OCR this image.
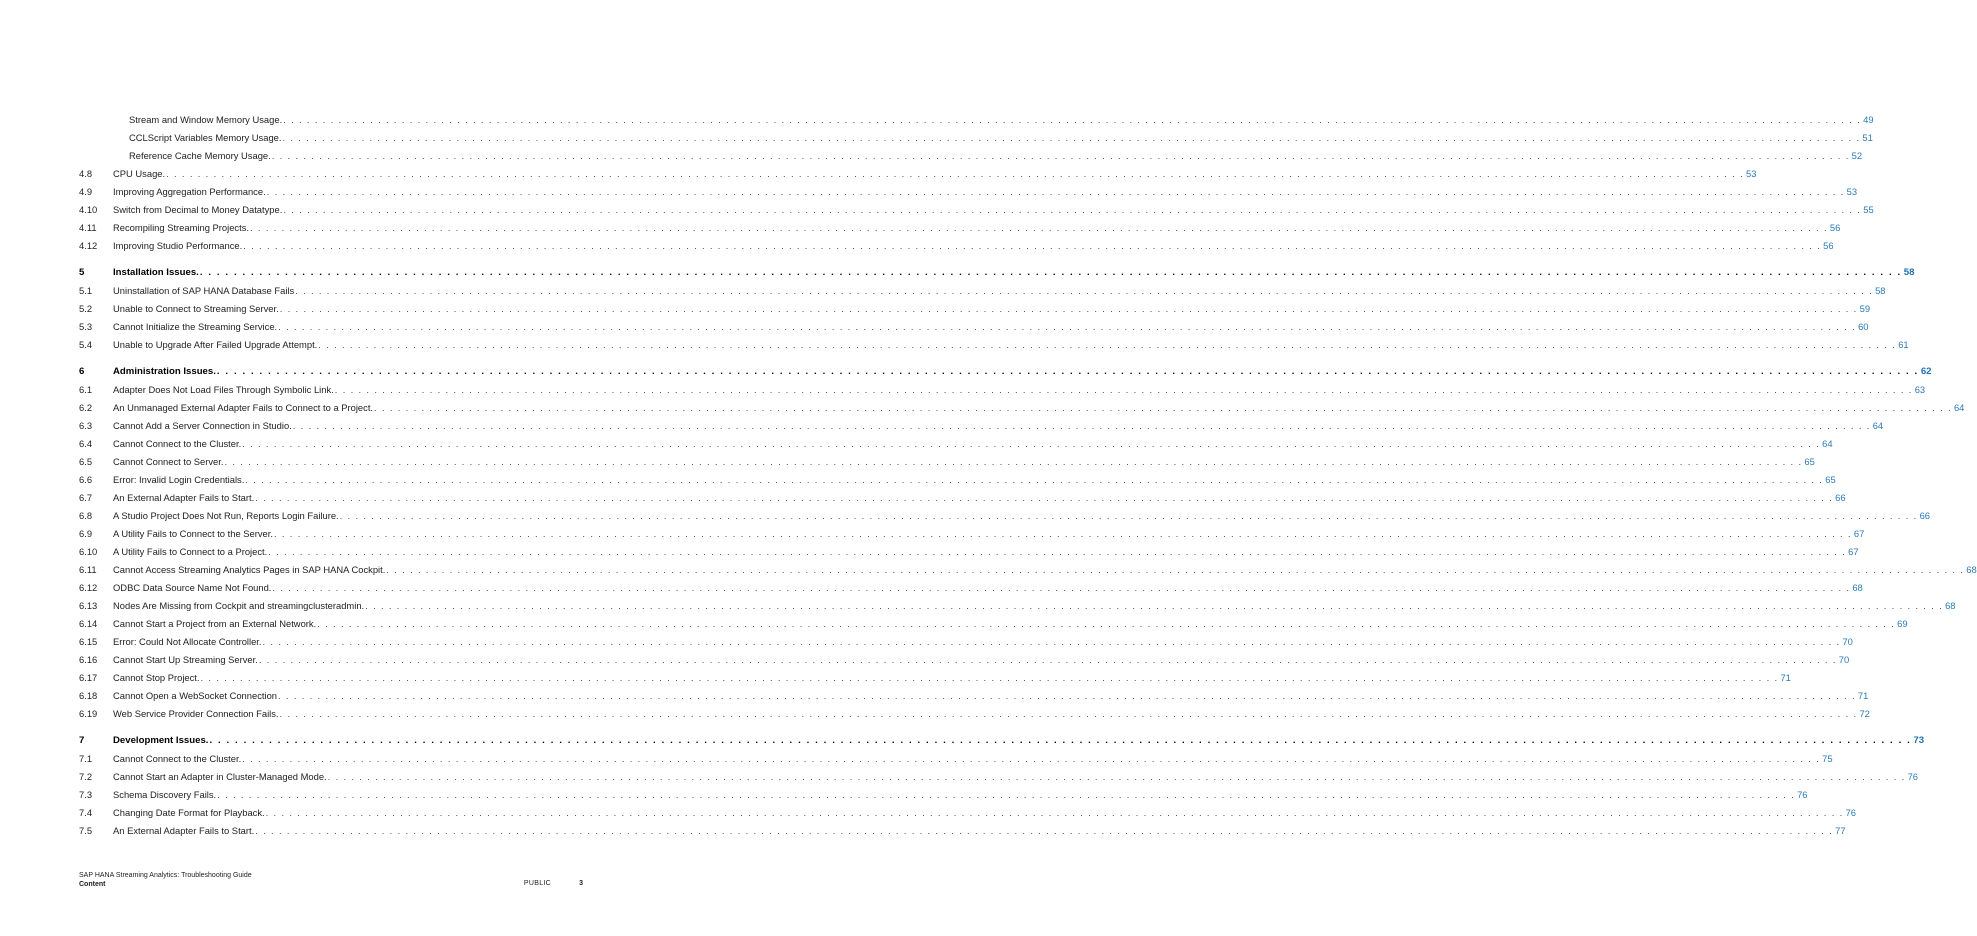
Stream and Window Memory Usage. . . . . . . . . . . . . . . . . . . . . . . . . . . . . . . . . . . . . . . . . . . . . . . . . . . . . . . . . . . . . . . . . . . . . . . . . . . . . . . . . . . . . . . . . . . . . . . . . . . . . . . . . . . . . . . . . . . . . . . . . . . . . . . . . . . . . . . . . . . . . . . . . . . . . . . . . . . . . . . . . . . . . . . . . . . . . . . . . . . . . . . . . . . . . . . . . . . . . . . . . 49
CCLScript Variables Memory Usage. . . . . . . . . . . . . . . . . . . . . . . . . . . . . . . . . . . . . . . . . . . . . . . . . . . . . . . . . . . . . . . . . . . . . . . . . . . . . . . . . . . . . . . . . . . . . . . . . . . . . . . . . . . . . . . . . . . . . . . . . . . . . . . . . . . . . . . . . . . . . . . . . . . . . . . . . . . . . . . . . . . . . . . . . . . . . . . . . . . . . . . . . . . . . . . . . . . . . . . . . 51
Reference Cache Memory Usage. . . . . . . . . . . . . . . . . . . . . . . . . . . . . . . . . . . . . . . . . . . . . . . . . . . . . . . . . . . . . . . . . . . . . . . . . . . . . . . . . . . . . . . . . . . . . . . . . . . . . . . . . . . . . . . . . . . . . . . . . . . . . . . . . . . . . . . . . . . . . . . . . . . . . . . . . . . . . . . . . . . . . . . . . . . . . . . . . . . . . . . . . . . . . . . . . . . . . . . . . 52
4.8 CPU Usage. . . . . . . . . . . . . . . . . . . . . . . . . . . . . . . . . . . . . . . . . . . . . . . . . . . . . . . . . . . . . . . . . . . . . . . . . . . . . . . . . . . . . . . . . . . . . . . . . . . . . . . . . . . . . . . . . . . . . . . . . . . . . . . . . . . . . . . . . . . . . . . . . . . . . . . . . . . . . . . . . . . . . . . . . . . . . . . . . . . . . . . . . . . . . . . . . . . . . . . . . 53
4.9 Improving Aggregation Performance. . . . . . . . . . . . . . . . . . . . . . . . . . . . . . . . . . . . . . . . . . . . . . . . . . . . . . . . . . . . . . . . . . . . . . . . . . . . . . . . . . . . . . . . . . . . . . . . . . . . . . . . . . . . . . . . . . . . . . . . . . . . . . . . . . . . . . . . . . . . . . . . . . . . . . . . . . . . . . . . . . . . . . . . . . . . . . . . . . . . . . . . . . . . . . . . . . . . . . . . . 53
4.10 Switch from Decimal to Money Datatype. . . . . . . . . . . . . . . . . . . . . . . . . . . . . . . . . . . . . . . . . . . . . . . . . . . . . . . . . . . . . . . . . . . . . . . . . . . . . . . . . . . . . . . . . . . . . . . . . . . . . . . . . . . . . . . . . . . . . . . . . . . . . . . . . . . . . . . . . . . . . . . . . . . . . . . . . . . . . . . . . . . . . . . . . . . . . . . . . . . . . . . . . . . . . . . . . . . . . . . . . 55
4.11 Recompiling Streaming Projects. . . . . . . . . . . . . . . . . . . . . . . . . . . . . . . . . . . . . . . . . . . . . . . . . . . . . . . . . . . . . . . . . . . . . . . . . . . . . . . . . . . . . . . . . . . . . . . . . . . . . . . . . . . . . . . . . . . . . . . . . . . . . . . . . . . . . . . . . . . . . . . . . . . . . . . . . . . . . . . . . . . . . . . . . . . . . . . . . . . . . . . . . . . . . . . . . . . . . . . . . 56
4.12 Improving Studio Performance. . . . . . . . . . . . . . . . . . . . . . . . . . . . . . . . . . . . . . . . . . . . . . . . . . . . . . . . . . . . . . . . . . . . . . . . . . . . . . . . . . . . . . . . . . . . . . . . . . . . . . . . . . . . . . . . . . . . . . . . . . . . . . . . . . . . . . . . . . . . . . . . . . . . . . . . . . . . . . . . . . . . . . . . . . . . . . . . . . . . . . . . . . . . . . . . . . . . . . . . . 56
5	Installation Issues. . . . . . . . . . . . . . . . . . . . . . . . . . . . . . . . . . . . . . . . . . . . . . . . . . . . . . . . . . . . . . . . . . . . . . . . . . . . . . . . . . . . . . . . . . . . . . . . . . . . . . . . . . . . . . . . . . . . . . . . . . . . . . . . . . . . . . . . . . . . . . . . . . . . . . . . . . . . . . . . . . . . . . . . . . . . . . . . . . . . . . . . . . . . . . . . . . . . . . . . . 58
5.1 Uninstallation of SAP HANA Database Fails . . . . . . . . . . . . . . . . . . . . . . . . . . . . . . . . . . . . . . . . . . . . . . . . . . . . . . . . . . . . . . . . . . . . . . . . . . . . . . . . . . . . . . . . . . . . . . . . . . . . . . . . . . . . . . . . . . . . . . . . . . . . . . . . . . . . . . . . . . . . . . . . . . . . . . . . . . . . . . . . . . . . . . . . . . . . . . . . . . . . . . . . . . . . . . . . . . . . . . . . 58
5.2 Unable to Connect to Streaming Server. . . . . . . . . . . . . . . . . . . . . . . . . . . . . . . . . . . . . . . . . . . . . . . . . . . . . . . . . . . . . . . . . . . . . . . . . . . . . . . . . . . . . . . . . . . . . . . . . . . . . . . . . . . . . . . . . . . . . . . . . . . . . . . . . . . . . . . . . . . . . . . . . . . . . . . . . . . . . . . . . . . . . . . . . . . . . . . . . . . . . . . . . . . . . . . . . . . . . . . . . 59
5.3 Cannot Initialize the Streaming Service. . . . . . . . . . . . . . . . . . . . . . . . . . . . . . . . . . . . . . . . . . . . . . . . . . . . . . . . . . . . . . . . . . . . . . . . . . . . . . . . . . . . . . . . . . . . . . . . . . . . . . . . . . . . . . . . . . . . . . . . . . . . . . . . . . . . . . . . . . . . . . . . . . . . . . . . . . . . . . . . . . . . . . . . . . . . . . . . . . . . . . . . . . . . . . . . . . . . . . . . . 60
5.4 Unable to Upgrade After Failed Upgrade Attempt. . . . . . . . . . . . . . . . . . . . . . . . . . . . . . . . . . . . . . . . . . . . . . . . . . . . . . . . . . . . . . . . . . . . . . . . . . . . . . . . . . . . . . . . . . . . . . . . . . . . . . . . . . . . . . . . . . . . . . . . . . . . . . . . . . . . . . . . . . . . . . . . . . . . . . . . . . . . . . . . . . . . . . . . . . . . . . . . . . . . . . . . . . . . . . . . . . . . . . . . . 61
6	Administration Issues. . . . . . . . . . . . . . . . . . . . . . . . . . . . . . . . . . . . . . . . . . . . . . . . . . . . . . . . . . . . . . . . . . . . . . . . . . . . . . . . . . . . . . . . . . . . . . . . . . . . . . . . . . . . . . . . . . . . . . . . . . . . . . . . . . . . . . . . . . . . . . . . . . . . . . . . . . . . . . . . . . . . . . . . . . . . . . . . . . . . . . . . . . . . . . . . . . . . . . . . . 62
6.1 Adapter Does Not Load Files Through Symbolic Link. . . . . . . . . . . . . . . . . . . . . . . . . . . . . . . . . . . . . . . . . . . . . . . . . . . . . . . . . . . . . . . . . . . . . . . . . . . . . . . . . . . . . . . . . . . . . . . . . . . . . . . . . . . . . . . . . . . . . . . . . . . . . . . . . . . . . . . . . . . . . . . . . . . . . . . . . . . . . . . . . . . . . . . . . . . . . . . . . . . . . . . . . . . . . . . . . . . . . . . . . 63
6.2 An Unmanaged External Adapter Fails to Connect to a Project. . . . . . . . . . . . . . . . . . . . . . . . . . . . . . . . . . . . . . . . . . . . . . . . . . . . . . . . . . . . . . . . . . . . . . . . . . . . . . . . . . . . . . . . . . . . . . . . . . . . . . . . . . . . . . . . . . . . . . . . . . . . . . . . . . . . . . . . . . . . . . . . . . . . . . . . . . . . . . . . . . . . . . . . . . . . . . . . . . . . . . . . . . . . . . . . . . . . . . . . . 64
6.3 Cannot Add a Server Connection in Studio. . . . . . . . . . . . . . . . . . . . . . . . . . . . . . . . . . . . . . . . . . . . . . . . . . . . . . . . . . . . . . . . . . . . . . . . . . . . . . . . . . . . . . . . . . . . . . . . . . . . . . . . . . . . . . . . . . . . . . . . . . . . . . . . . . . . . . . . . . . . . . . . . . . . . . . . . . . . . . . . . . . . . . . . . . . . . . . . . . . . . . . . . . . . . . . . . . . . . . . . . 64
6.4 Cannot Connect to the Cluster. . . . . . . . . . . . . . . . . . . . . . . . . . . . . . . . . . . . . . . . . . . . . . . . . . . . . . . . . . . . . . . . . . . . . . . . . . . . . . . . . . . . . . . . . . . . . . . . . . . . . . . . . . . . . . . . . . . . . . . . . . . . . . . . . . . . . . . . . . . . . . . . . . . . . . . . . . . . . . . . . . . . . . . . . . . . . . . . . . . . . . . . . . . . . . . . . . . . . . . . . 64
6.5 Cannot Connect to Server. . . . . . . . . . . . . . . . . . . . . . . . . . . . . . . . . . . . . . . . . . . . . . . . . . . . . . . . . . . . . . . . . . . . . . . . . . . . . . . . . . . . . . . . . . . . . . . . . . . . . . . . . . . . . . . . . . . . . . . . . . . . . . . . . . . . . . . . . . . . . . . . . . . . . . . . . . . . . . . . . . . . . . . . . . . . . . . . . . . . . . . . . . . . . . . . . . . . . . . . . 65
6.6 Error: Invalid Login Credentials. . . . . . . . . . . . . . . . . . . . . . . . . . . . . . . . . . . . . . . . . . . . . . . . . . . . . . . . . . . . . . . . . . . . . . . . . . . . . . . . . . . . . . . . . . . . . . . . . . . . . . . . . . . . . . . . . . . . . . . . . . . . . . . . . . . . . . . . . . . . . . . . . . . . . . . . . . . . . . . . . . . . . . . . . . . . . . . . . . . . . . . . . . . . . . . . . . . . . . . . . 65
6.7 An External Adapter Fails to Start. . . . . . . . . . . . . . . . . . . . . . . . . . . . . . . . . . . . . . . . . . . . . . . . . . . . . . . . . . . . . . . . . . . . . . . . . . . . . . . . . . . . . . . . . . . . . . . . . . . . . . . . . . . . . . . . . . . . . . . . . . . . . . . . . . . . . . . . . . . . . . . . . . . . . . . . . . . . . . . . . . . . . . . . . . . . . . . . . . . . . . . . . . . . . . . . . . . . . . . . . 66
6.8 A Studio Project Does Not Run, Reports Login Failure. . . . . . . . . . . . . . . . . . . . . . . . . . . . . . . . . . . . . . . . . . . . . . . . . . . . . . . . . . . . . . . . . . . . . . . . . . . . . . . . . . . . . . . . . . . . . . . . . . . . . . . . . . . . . . . . . . . . . . . . . . . . . . . . . . . . . . . . . . . . . . . . . . . . . . . . . . . . . . . . . . . . . . . . . . . . . . . . . . . . . . . . . . . . . . . . . . . . . . . . . 66
6.9 A Utility Fails to Connect to the Server. . . . . . . . . . . . . . . . . . . . . . . . . . . . . . . . . . . . . . . . . . . . . . . . . . . . . . . . . . . . . . . . . . . . . . . . . . . . . . . . . . . . . . . . . . . . . . . . . . . . . . . . . . . . . . . . . . . . . . . . . . . . . . . . . . . . . . . . . . . . . . . . . . . . . . . . . . . . . . . . . . . . . . . . . . . . . . . . . . . . . . . . . . . . . . . . . . . . . . . . . 67
6.10 A Utility Fails to Connect to a Project. . . . . . . . . . . . . . . . . . . . . . . . . . . . . . . . . . . . . . . . . . . . . . . . . . . . . . . . . . . . . . . . . . . . . . . . . . . . . . . . . . . . . . . . . . . . . . . . . . . . . . . . . . . . . . . . . . . . . . . . . . . . . . . . . . . . . . . . . . . . . . . . . . . . . . . . . . . . . . . . . . . . . . . . . . . . . . . . . . . . . . . . . . . . . . . . . . . . . . . . . 67
6.11 Cannot Access Streaming Analytics Pages in SAP HANA Cockpit. . . . . . . . . . . . . . . . . . . . . . . . . . . . . . . . . . . . . . . . . . . . . . . . . . . . . . . . . . . . . . . . . . . . . . . . . . . . . . . . . . . . . . . . . . . . . . . . . . . . . . . . . . . . . . . . . . . . . . . . . . . . . . . . . . . . . . . . . . . . . . . . . . . . . . . . . . . . . . . . . . . . . . . . . . . . . . . . . . . . . . . . . . . . . . . . . . . . . . . . . 68
6.12 ODBC Data Source Name Not Found. . . . . . . . . . . . . . . . . . . . . . . . . . . . . . . . . . . . . . . . . . . . . . . . . . . . . . . . . . . . . . . . . . . . . . . . . . . . . . . . . . . . . . . . . . . . . . . . . . . . . . . . . . . . . . . . . . . . . . . . . . . . . . . . . . . . . . . . . . . . . . . . . . . . . . . . . . . . . . . . . . . . . . . . . . . . . . . . . . . . . . . . . . . . . . . . . . . . . . . . . 68
6.13 Nodes Are Missing from Cockpit and streamingclusteradmin. . . . . . . . . . . . . . . . . . . . . . . . . . . . . . . . . . . . . . . . . . . . . . . . . . . . . . . . . . . . . . . . . . . . . . . . . . . . . . . . . . . . . . . . . . . . . . . . . . . . . . . . . . . . . . . . . . . . . . . . . . . . . . . . . . . . . . . . . . . . . . . . . . . . . . . . . . . . . . . . . . . . . . . . . . . . . . . . . . . . . . . . . . . . . . . . . . . . . . . . . 68
6.14 Cannot Start a Project from an External Network. . . . . . . . . . . . . . . . . . . . . . . . . . . . . . . . . . . . . . . . . . . . . . . . . . . . . . . . . . . . . . . . . . . . . . . . . . . . . . . . . . . . . . . . . . . . . . . . . . . . . . . . . . . . . . . . . . . . . . . . . . . . . . . . . . . . . . . . . . . . . . . . . . . . . . . . . . . . . . . . . . . . . . . . . . . . . . . . . . . . . . . . . . . . . . . . . . . . . . . . . 69
6.15 Error: Could Not Allocate Controller. . . . . . . . . . . . . . . . . . . . . . . . . . . . . . . . . . . . . . . . . . . . . . . . . . . . . . . . . . . . . . . . . . . . . . . . . . . . . . . . . . . . . . . . . . . . . . . . . . . . . . . . . . . . . . . . . . . . . . . . . . . . . . . . . . . . . . . . . . . . . . . . . . . . . . . . . . . . . . . . . . . . . . . . . . . . . . . . . . . . . . . . . . . . . . . . . . . . . . . . . 70
6.16 Cannot Start Up Streaming Server. . . . . . . . . . . . . . . . . . . . . . . . . . . . . . . . . . . . . . . . . . . . . . . . . . . . . . . . . . . . . . . . . . . . . . . . . . . . . . . . . . . . . . . . . . . . . . . . . . . . . . . . . . . . . . . . . . . . . . . . . . . . . . . . . . . . . . . . . . . . . . . . . . . . . . . . . . . . . . . . . . . . . . . . . . . . . . . . . . . . . . . . . . . . . . . . . . . . . . . . . 70
6.17 Cannot Stop Project. . . . . . . . . . . . . . . . . . . . . . . . . . . . . . . . . . . . . . . . . . . . . . . . . . . . . . . . . . . . . . . . . . . . . . . . . . . . . . . . . . . . . . . . . . . . . . . . . . . . . . . . . . . . . . . . . . . . . . . . . . . . . . . . . . . . . . . . . . . . . . . . . . . . . . . . . . . . . . . . . . . . . . . . . . . . . . . . . . . . . . . . . . . . . . . . . . . . . . . . . 71
6.18 Cannot Open a WebSocket Connection . . . . . . . . . . . . . . . . . . . . . . . . . . . . . . . . . . . . . . . . . . . . . . . . . . . . . . . . . . . . . . . . . . . . . . . . . . . . . . . . . . . . . . . . . . . . . . . . . . . . . . . . . . . . . . . . . . . . . . . . . . . . . . . . . . . . . . . . . . . . . . . . . . . . . . . . . . . . . . . . . . . . . . . . . . . . . . . . . . . . . . . . . . . . . . . . . . . . . . . . 71
6.19 Web Service Provider Connection Fails. . . . . . . . . . . . . . . . . . . . . . . . . . . . . . . . . . . . . . . . . . . . . . . . . . . . . . . . . . . . . . . . . . . . . . . . . . . . . . . . . . . . . . . . . . . . . . . . . . . . . . . . . . . . . . . . . . . . . . . . . . . . . . . . . . . . . . . . . . . . . . . . . . . . . . . . . . . . . . . . . . . . . . . . . . . . . . . . . . . . . . . . . . . . . . . . . . . . . . . . . 72
7	Development Issues. . . . . . . . . . . . . . . . . . . . . . . . . . . . . . . . . . . . . . . . . . . . . . . . . . . . . . . . . . . . . . . . . . . . . . . . . . . . . . . . . . . . . . . . . . . . . . . . . . . . . . . . . . . . . . . . . . . . . . . . . . . . . . . . . . . . . . . . . . . . . . . . . . . . . . . . . . . . . . . . . . . . . . . . . . . . . . . . . . . . . . . . . . . . . . . . . . . . . . . . . 73
7.1 Cannot Connect to the Cluster. . . . . . . . . . . . . . . . . . . . . . . . . . . . . . . . . . . . . . . . . . . . . . . . . . . . . . . . . . . . . . . . . . . . . . . . . . . . . . . . . . . . . . . . . . . . . . . . . . . . . . . . . . . . . . . . . . . . . . . . . . . . . . . . . . . . . . . . . . . . . . . . . . . . . . . . . . . . . . . . . . . . . . . . . . . . . . . . . . . . . . . . . . . . . . . . . . . . . . . . . 75
7.2 Cannot Start an Adapter in Cluster-Managed Mode. . . . . . . . . . . . . . . . . . . . . . . . . . . . . . . . . . . . . . . . . . . . . . . . . . . . . . . . . . . . . . . . . . . . . . . . . . . . . . . . . . . . . . . . . . . . . . . . . . . . . . . . . . . . . . . . . . . . . . . . . . . . . . . . . . . . . . . . . . . . . . . . . . . . . . . . . . . . . . . . . . . . . . . . . . . . . . . . . . . . . . . . . . . . . . . . . . . . . . . . . 76
7.3 Schema Discovery Fails. . . . . . . . . . . . . . . . . . . . . . . . . . . . . . . . . . . . . . . . . . . . . . . . . . . . . . . . . . . . . . . . . . . . . . . . . . . . . . . . . . . . . . . . . . . . . . . . . . . . . . . . . . . . . . . . . . . . . . . . . . . . . . . . . . . . . . . . . . . . . . . . . . . . . . . . . . . . . . . . . . . . . . . . . . . . . . . . . . . . . . . . . . . . . . . . . . . . . . . . . 76
7.4 Changing Date Format for Playback. . . . . . . . . . . . . . . . . . . . . . . . . . . . . . . . . . . . . . . . . . . . . . . . . . . . . . . . . . . . . . . . . . . . . . . . . . . . . . . . . . . . . . . . . . . . . . . . . . . . . . . . . . . . . . . . . . . . . . . . . . . . . . . . . . . . . . . . . . . . . . . . . . . . . . . . . . . . . . . . . . . . . . . . . . . . . . . . . . . . . . . . . . . . . . . . . . . . . . . . . 76
7.5 An External Adapter Fails to Start. . . . . . . . . . . . . . . . . . . . . . . . . . . . . . . . . . . . . . . . . . . . . . . . . . . . . . . . . . . . . . . . . . . . . . . . . . . . . . . . . . . . . . . . . . . . . . . . . . . . . . . . . . . . . . . . . . . . . . . . . . . . . . . . . . . . . . . . . . . . . . . . . . . . . . . . . . . . . . . . . . . . . . . . . . . . . . . . . . . . . . . . . . . . . . . . . . . . . . . . . 77
SAP HANA Streaming Analytics: Troubleshooting Guide
Content	PUBLIC	3
